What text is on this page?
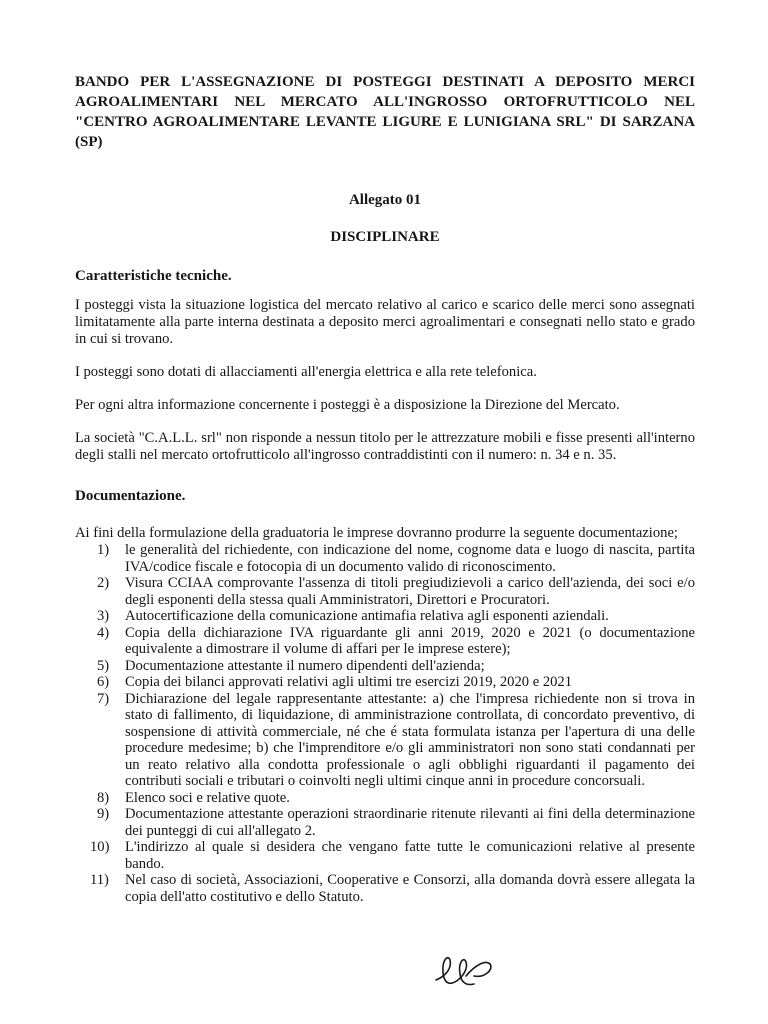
BANDO PER L'ASSEGNAZIONE DI POSTEGGI DESTINATI A DEPOSITO MERCI
AGROALIMENTARI NEL MERCATO ALL'INGROSSO ORTOFRUTTICOLO NEL
"CENTRO AGROALIMENTARE LEVANTE LIGURE E LUNIGIANA SRL" DI SARZANA
(SP)

Allegato 01

DISCIPLINARE

Caratteristiche tecniche.

I posteggi vista la situazione logistica del mercato relativo al carico e scarico delle merci sono assegnati limitatamente alla parte interna destinata a deposito merci agroalimentari e consegnati nello stato e grado in cui si trovano.

I posteggi sono dotati di allacciamenti all'energia elettrica e alla rete telefonica.

Per ogni altra informazione concernente i posteggi è a disposizione la Direzione del Mercato.

La società "C.A.L.L. srl" non risponde a nessun titolo per le attrezzature mobili e fisse presenti all'interno degli stalli nel mercato ortofrutticolo all'ingrosso contraddistinti con il numero: n. 34 e n. 35.

Documentazione.

Ai fini della formulazione della graduatoria le imprese dovranno produrre la seguente documentazione;

1) le generalità del richiedente, con indicazione del nome, cognome data e luogo di nascita, partita IVA/codice fiscale e fotocopia di un documento valido di riconoscimento.
2) Visura CCIAA comprovante l'assenza di titoli pregiudizievoli a carico dell'azienda, dei soci e/o degli esponenti della stessa quali Amministratori, Direttori e Procuratori.
3) Autocertificazione della comunicazione antimafia relativa agli esponenti aziendali.
4) Copia della dichiarazione IVA riguardante gli anni 2019, 2020 e 2021 (o documentazione equivalente a dimostrare il volume di affari per le imprese estere);
5) Documentazione attestante il numero dipendenti dell'azienda;
6) Copia dei bilanci approvati relativi agli ultimi tre esercizi 2019, 2020 e 2021
7) Dichiarazione del legale rappresentante attestante: a) che l'impresa richiedente non si trova in stato di fallimento, di liquidazione, di amministrazione controllata, di concordato preventivo, di sospensione di attività commerciale, né che é stata formulata istanza per l'apertura di una delle procedure medesime; b) che l'imprenditore e/o gli amministratori non sono stati condannati per un reato relativo alla condotta professionale o agli obblighi riguardanti il pagamento dei contributi sociali e tributari o coinvolti negli ultimi cinque anni in procedure concorsuali.
8) Elenco soci e relative quote.
9) Documentazione attestante operazioni straordinarie ritenute rilevanti ai fini della determinazione dei punteggi di cui all'allegato 2.
10) L'indirizzo al quale si desidera che vengano fatte tutte le comunicazioni relative al presente bando.
11) Nel caso di società, Associazioni, Cooperative e Consorzi, alla domanda dovrà essere allegata la copia dell'atto costitutivo e dello Statuto.
